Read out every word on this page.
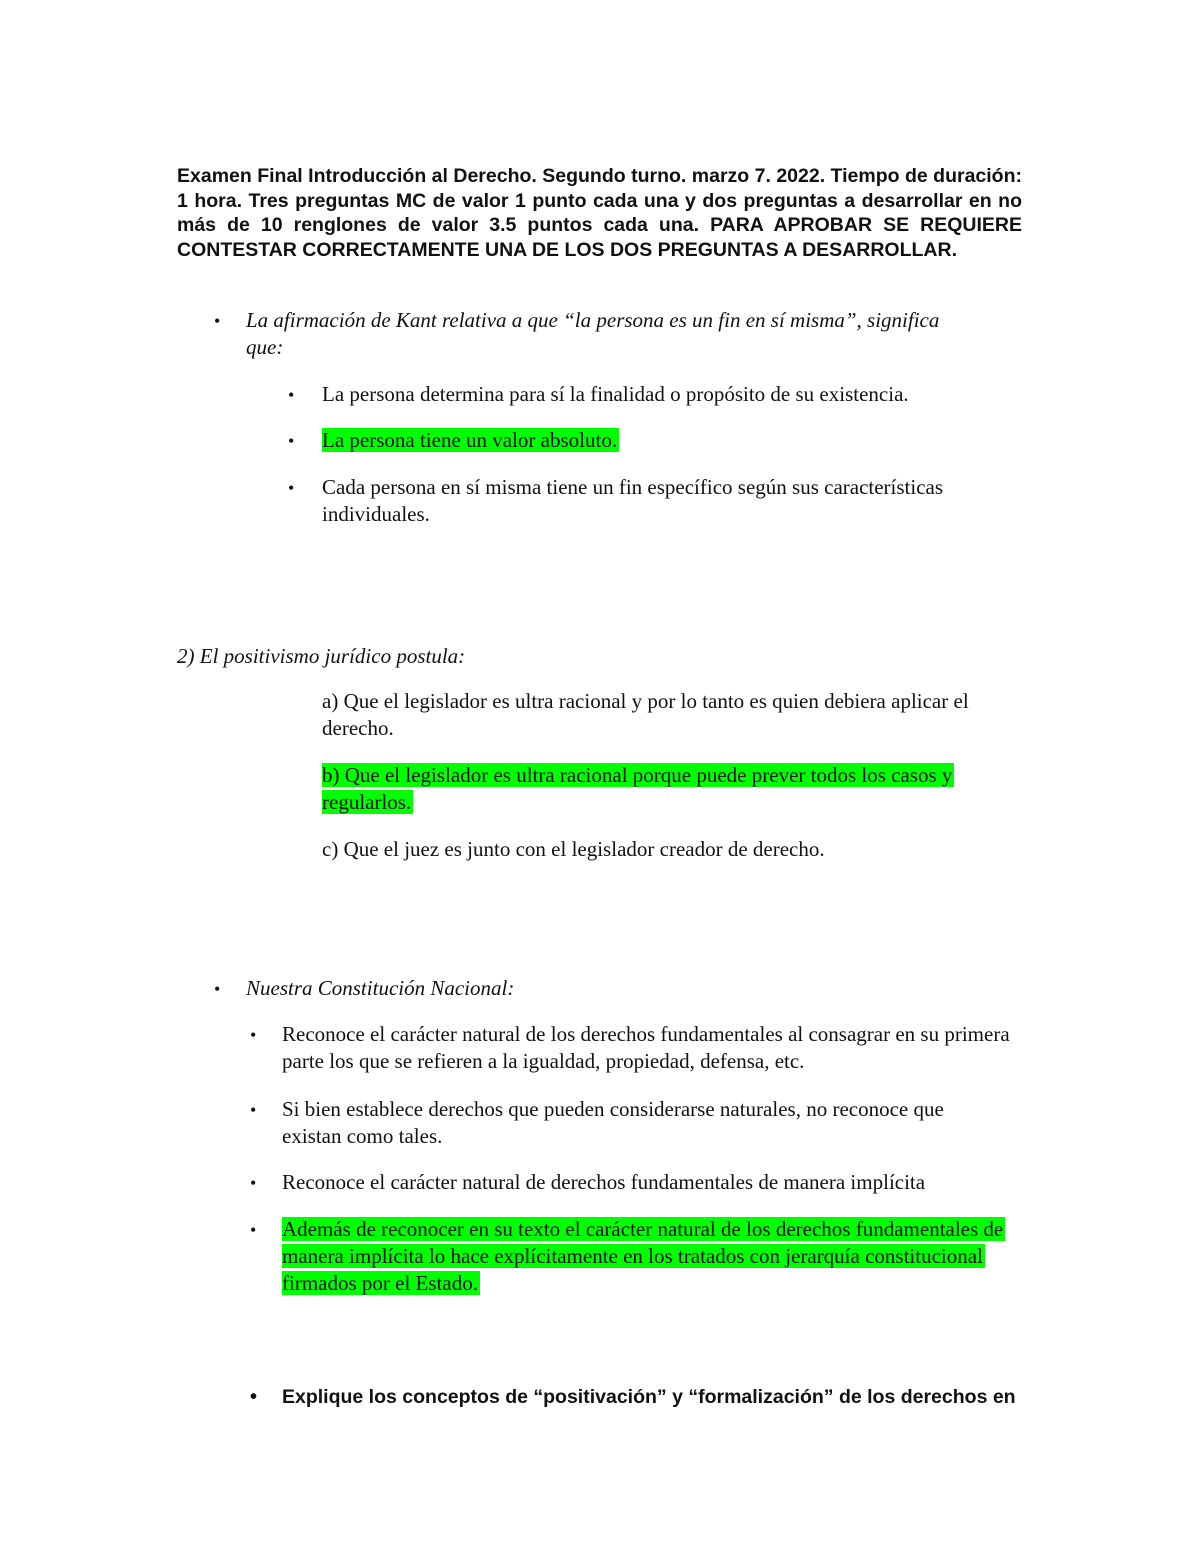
Examen Final Introducción al Derecho. Segundo turno. marzo 7. 2022. Tiempo de duración: 1 hora. Tres preguntas MC de valor 1 punto cada una y dos preguntas a desarrollar en no más de 10 renglones de valor 3.5 puntos cada una. PARA APROBAR SE REQUIERE CONTESTAR CORRECTAMENTE UNA DE LOS DOS PREGUNTAS A DESARROLLAR.

• La afirmación de Kant relativa a que “la persona es un fin en sí misma”, significa que:

• La persona determina para sí la finalidad o propósito de su existencia.

• La persona tiene un valor absoluto.

• Cada persona en sí misma tiene un fin específico según sus características individuales.

2) El positivismo jurídico postula:

a) Que el legislador es ultra racional y por lo tanto es quien debiera aplicar el derecho.

b) Que el legislador es ultra racional porque puede prever todos los casos y regularlos.

c) Que el juez es junto con el legislador creador de derecho.

• Nuestra Constitución Nacional:

• Reconoce el carácter natural de los derechos fundamentales al consagrar en su primera parte los que se refieren a la igualdad, propiedad, defensa, etc.

• Si bien establece derechos que pueden considerarse naturales, no reconoce que existan como tales.

• Reconoce el carácter natural de derechos fundamentales de manera implícita

• Además de reconocer en su texto el carácter natural de los derechos fundamentales de manera implícita lo hace explícitamente en los tratados con jerarquía constitucional firmados por el Estado.

• Explique los conceptos de “positivación” y “formalización” de los derechos en
